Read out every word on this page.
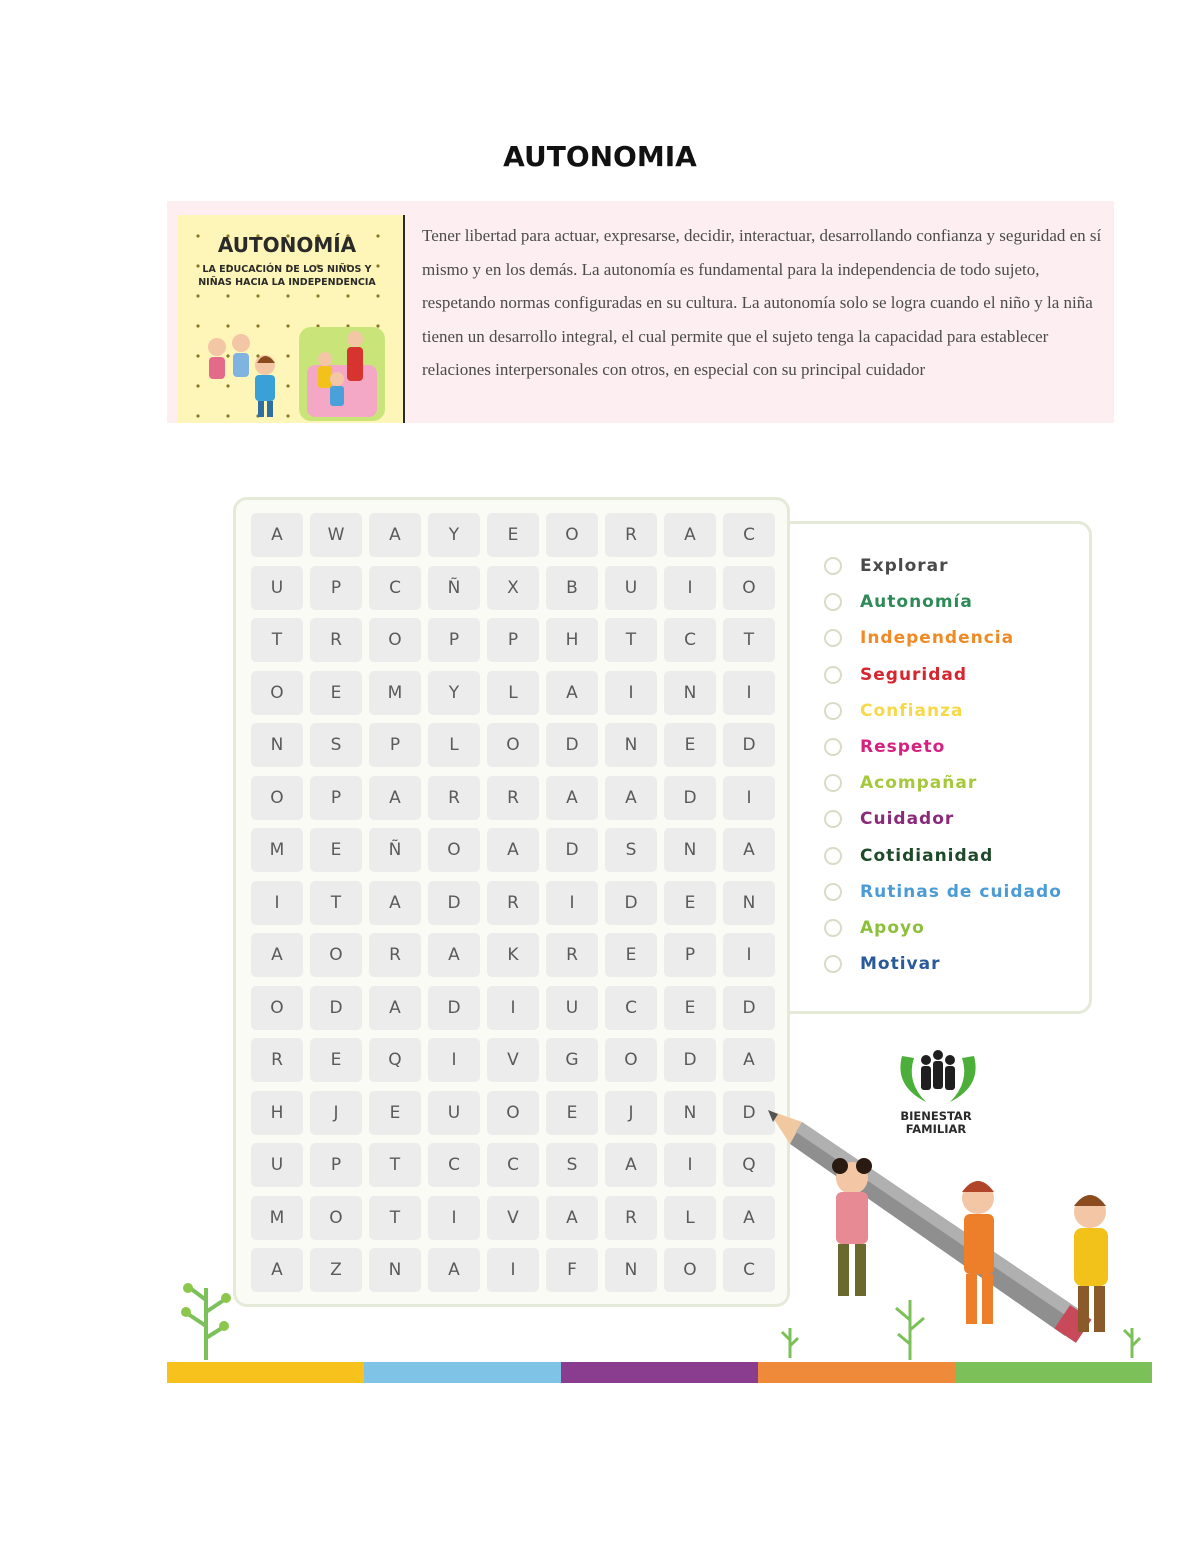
AUTONOMIA
AUTONOMÍA
LA EDUCACIÓN DE LOS NIÑOS Y NIÑAS HACIA LA INDEPENDENCIA

Tener libertad para actuar, expresarse, decidir, interactuar, desarrollando confianza y seguridad en sí mismo y en los demás. La autonomía es fundamental para la independencia de todo sujeto, respetando normas configuradas en su cultura. La autonomía solo se logra cuando el niño y la niña tienen un desarrollo integral, el cual permite que el sujeto tenga la capacidad para establecer relaciones interpersonales con otros, en especial con su principal cuidador

A	W	A	Y	E	O	R	A	C
U	P	C	Ñ	X	B	U	I	O
T	R	O	P	P	H	T	C	T
O	E	M	Y	L	A	I	N	I
N	S	P	L	O	D	N	E	D
O	P	A	R	R	A	A	D	I
M	E	Ñ	O	A	D	S	N	A
I	T	A	D	R	I	D	E	N
A	O	R	A	K	R	E	P	I
O	D	A	D	I	U	C	E	D
R	E	Q	I	V	G	O	D	A
H	J	E	U	O	E	J	N	D
U	P	T	C	C	S	A	I	Q
M	O	T	I	V	A	R	L	A
A	Z	N	A	I	F	N	O	C
Explorar
Autonomía
Independencia
Seguridad
Confianza
Respeto
Acompañar
Cuidador
Cotidianidad
Rutinas de cuidado
Apoyo
Motivar
BIENESTAR
FAMILIAR
